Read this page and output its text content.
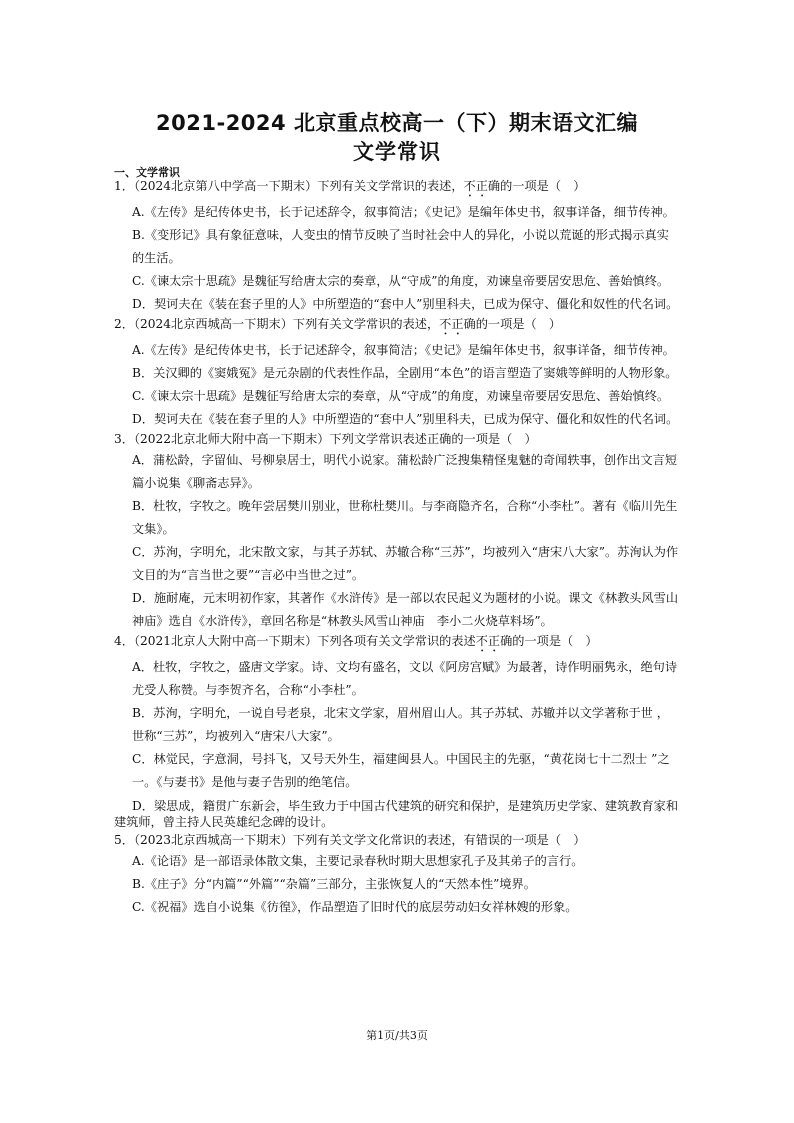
2021-2024 北京重点校高一（下）期末语文汇编
文学常识
一、文学常识
1．（2024北京第八中学高一下期末）下列有关文学常识的表述，不正确的一项是（　）

A.《左传》是纪传体史书，长于记述辞令，叙事简洁；《史记》是编年体史书，叙事详备，细节传神。

B.《变形记》具有象征意味，人变虫的情节反映了当时社会中人的异化，小说以荒诞的形式揭示真实的生活。

C.《谏太宗十思疏》是魏征写给唐太宗的奏章，从“守成”的角度，劝谏皇帝要居安思危、善始慎终。

D．契诃夫在《装在套子里的人》中所塑造的“套中人”别里科夫，已成为保守、僵化和奴性的代名词。

2．（2024北京西城高一下期末）下列有关文学常识的表述，不正确的一项是（　）

A.《左传》是纪传体史书，长于记述辞令，叙事简洁；《史记》是编年体史书，叙事详备，细节传神。

B．关汉卿的《窦娥冤》是元杂剧的代表性作品，全剧用“本色”的语言塑造了窦娥等鲜明的人物形象。

C.《谏太宗十思疏》是魏征写给唐太宗的奏章，从“守成”的角度，劝谏皇帝要居安思危、善始慎终。

D．契诃夫在《装在套子里的人》中所塑造的“套中人”别里科夫，已成为保守、僵化和奴性的代名词。

3．（2022北京北师大附中高一下期末）下列文学常识表述正确的一项是（　）

A．蒲松龄，字留仙、号柳泉居士，明代小说家。蒲松龄广泛搜集精怪鬼魅的奇闻轶事，创作出文言短篇小说集《聊斋志异》。

B．杜牧，字牧之。晚年尝居樊川别业，世称杜樊川。与李商隐齐名，合称“小李杜”。著有《临川先生文集》。

C．苏洵，字明允，北宋散文家，与其子苏轼、苏辙合称“三苏”，均被列入“唐宋八大家”。苏洵认为作文目的为“言当世之要”“言必中当世之过”。

D．施耐庵，元末明初作家，其著作《水浒传》是一部以农民起义为题材的小说。课文《林教头风雪山神庙》选自《水浒传》，章回名称是“林教头风雪山神庙　李小二火烧草料场”。

4．（2021北京人大附中高一下期末）下列各项有关文学常识的表述不正确的一项是（　）

A．杜牧，字牧之，盛唐文学家。诗、文均有盛名，文以《阿房宫赋》为最著，诗作明丽隽永，绝句诗尤受人称赞。与李贺齐名，合称“小李杜”。

B．苏洵，字明允，一说自号老泉，北宋文学家，眉州眉山人。其子苏轼、苏辙并以文学著称于世 ，世称“三苏”，均被列入“唐宋八大家”。

C．林觉民，字意洞，号抖飞，又号天外生，福建闽县人。中国民主的先驱，“黄花岗七十二烈士 ”之一。《与妻书》是他与妻子告别的绝笔信。

D．梁思成，籍贯广东新会，毕生致力于中国古代建筑的研究和保护，是建筑历史学家、建筑教育家和建筑师，曾主持人民英雄纪念碑的设计。

5．（2023北京西城高一下期末）下列有关文学文化常识的表述，有错误的一项是（　）

A.《论语》是一部语录体散文集，主要记录春秋时期大思想家孔子及其弟子的言行。

B.《庄子》分“内篇”“外篇”“杂篇”三部分，主张恢复人的“天然本性”境界。

C.《祝福》选自小说集《彷徨》，作品塑造了旧时代的底层劳动妇女祥林嫂的形象。

第1页/共3页
